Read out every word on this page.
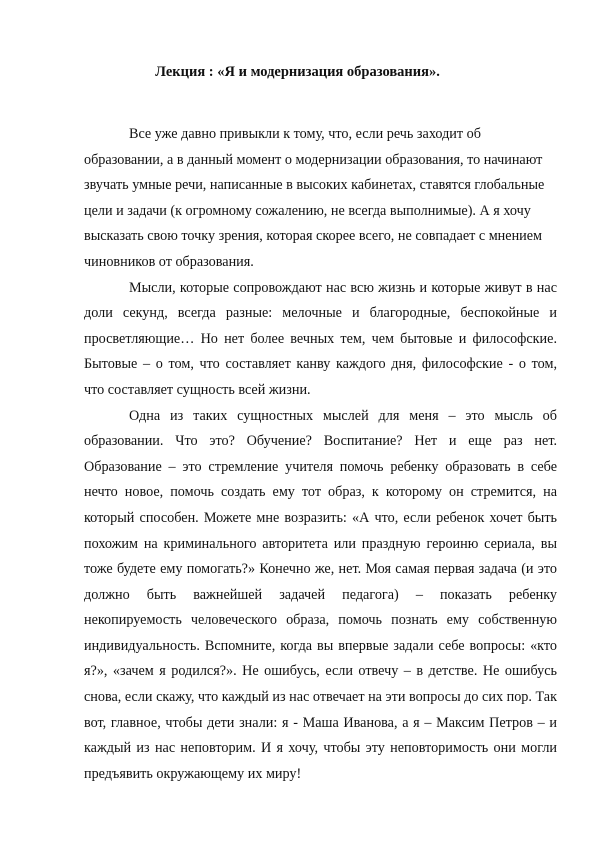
Лекция : «Я и модернизация образования».

Все уже давно привыкли к тому, что, если речь заходит об
образовании, а в данный момент о модернизации образования, то начинают
звучать умные речи, написанные в высоких кабинетах, ставятся глобальные
цели и задачи (к огромному сожалению, не всегда выполнимые). А я хочу
высказать свою точку зрения, которая скорее всего, не совпадает с мнением
чиновников от образования.

Мысли, которые сопровождают нас всю жизнь и которые живут в нас
доли секунд, всегда разные: мелочные и благородные, беспокойные и
просветляющие… Но нет более вечных тем, чем бытовые и философские.
Бытовые – о том, что составляет канву каждого дня, философские - о том,
что составляет сущность всей жизни.

Одна из таких сущностных мыслей для меня – это мысль об
образовании. Что это? Обучение? Воспитание? Нет и еще раз нет.
Образование – это стремление учителя помочь ребенку образовать в себе
нечто новое, помочь создать ему тот образ, к которому он стремится, на
который способен. Можете мне возразить: «А что, если ребенок хочет быть
похожим на криминального авторитета или праздную героиню сериала, вы
тоже будете ему помогать?» Конечно же, нет. Моя самая первая задача (и это
должно быть важнейшей задачей педагога) – показать ребенку
некопируемость человеческого образа, помочь познать ему собственную
индивидуальность. Вспомните, когда вы впервые задали себе вопросы: «кто
я?», «зачем я родился?». Не ошибусь, если отвечу – в детстве. Не ошибусь
снова, если скажу, что каждый из нас отвечает на эти вопросы до сих пор. Так
вот, главное, чтобы дети знали: я - Маша Иванова, а я – Максим Петров – и
каждый из нас неповторим. И я хочу, чтобы эту неповторимость они могли
предъявить окружающему их миру!
